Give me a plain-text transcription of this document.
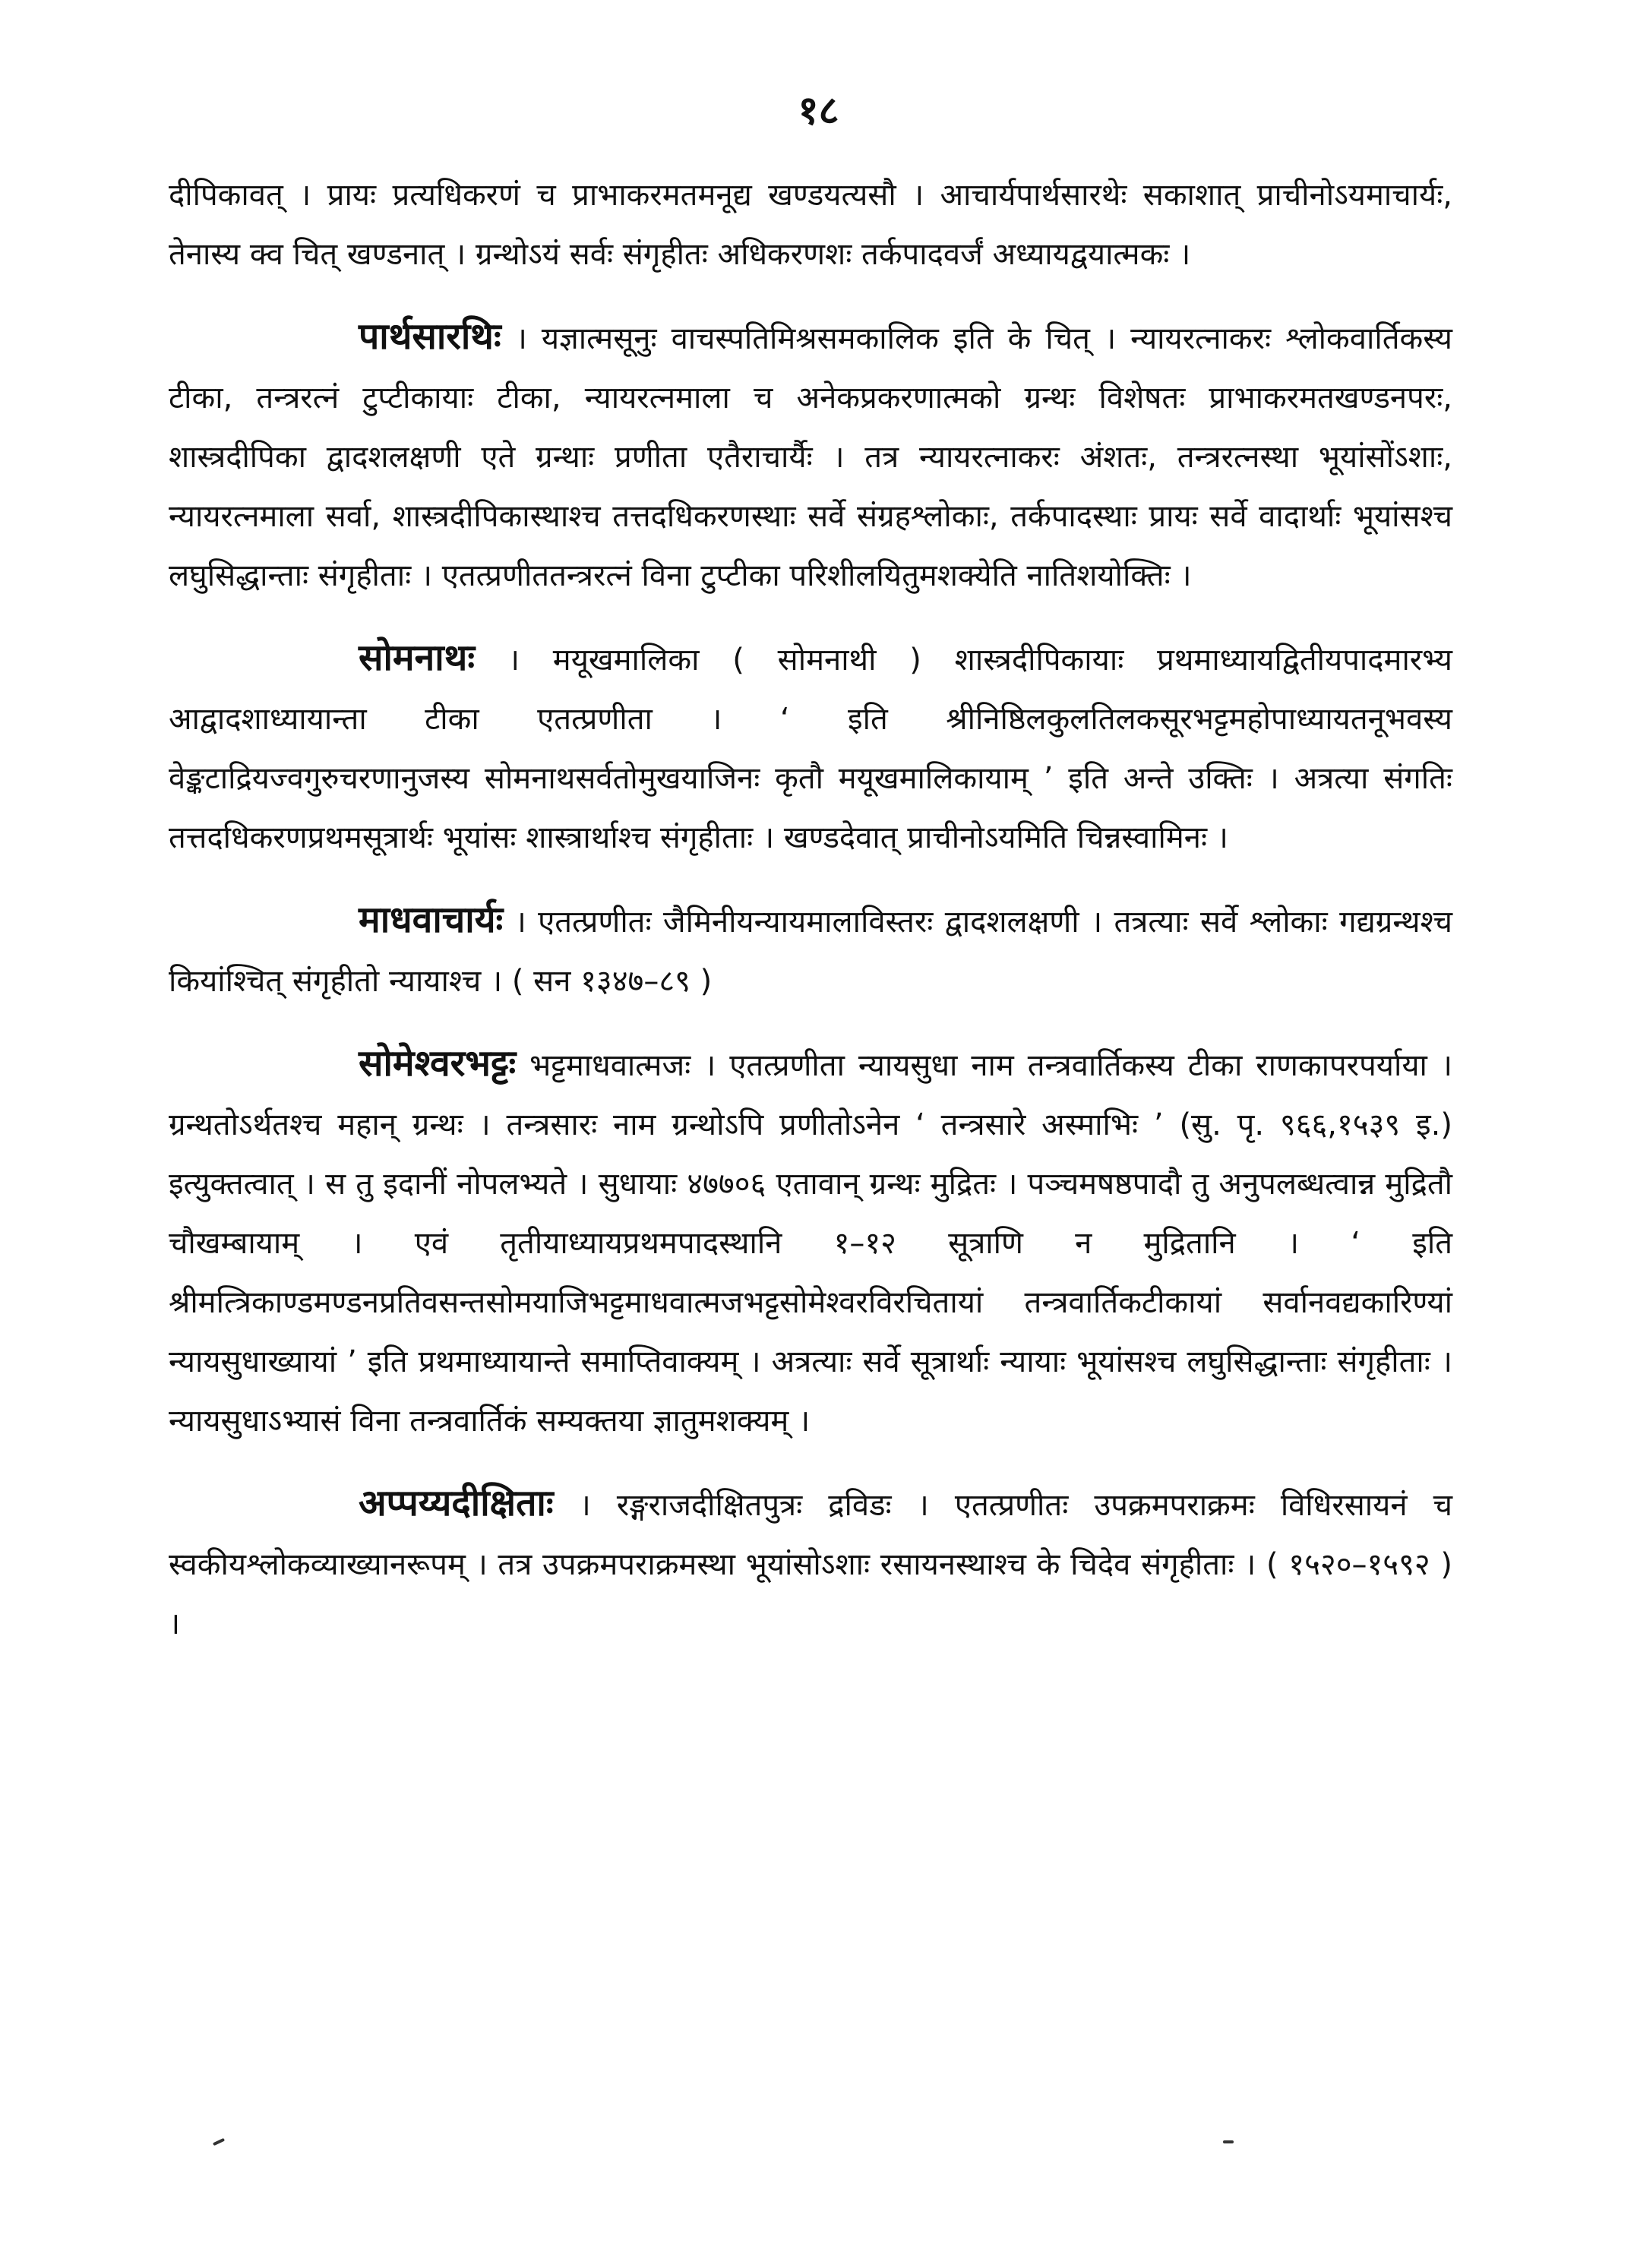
१८

दीपिकावत् । प्रायः प्रत्यधिकरणं च प्राभाकरमतमनूद्य खण्डयत्यसौ । आचार्यपार्थसारथेः सकाशात् प्राचीनोऽयमाचार्यः, तेनास्य क्व चित् खण्डनात् । ग्रन्थोऽयं सर्वः संगृहीतः अधिकरणशः तर्कपादवर्जं अध्यायद्वयात्मकः ।

पार्थसारथिः । यज्ञात्मसूनुः वाचस्पतिमिश्रसमकालिक इति के चित् । न्यायरत्नाकरः श्लोकवार्तिकस्य टीका, तन्त्ररत्नं टुप्टीकायाः टीका, न्यायरत्नमाला च अनेकप्रकरणात्मको ग्रन्थः विशेषतः प्राभाकरमतखण्डनपरः, शास्त्रदीपिका द्वादशलक्षणी एते ग्रन्थाः प्रणीता एतैराचार्यैः । तत्र न्यायरत्नाकरः अंशतः, तन्त्ररत्नस्था भूयांसोंऽशाः, न्यायरत्नमाला सर्वा, शास्त्रदीपिकास्थाश्च तत्तदधिकरणस्थाः सर्वे संग्रहश्लोकाः, तर्कपादस्थाः प्रायः सर्वे वादार्थाः भूयांसश्च लघुसिद्धान्ताः संगृहीताः । एतत्प्रणीततन्त्ररत्नं विना टुप्टीका परिशीलयितुमशक्येति नातिशयोक्तिः ।

सोमनाथः । मयूखमालिका ( सोमनाथी ) शास्त्रदीपिकायाः प्रथमाध्यायद्वितीयपादमारभ्य आद्वादशाध्यायान्ता टीका एतत्प्रणीता । ‘ इति श्रीनिष्ठिलकुलतिलकसूरभट्टमहोपाध्यायतनूभवस्य वेङ्कटाद्रियज्वगुरुचरणानुजस्य सोमनाथसर्वतोमुखयाजिनः कृतौ मयूखमालिकायाम् ’ इति अन्ते उक्तिः । अत्रत्या संगतिः तत्तदधिकरणप्रथमसूत्रार्थः भूयांसः शास्त्रार्थाश्च संगृहीताः । खण्डदेवात् प्राचीनोऽयमिति चिन्नस्वामिनः ।

माधवाचार्यः । एतत्प्रणीतः जैमिनीयन्यायमालाविस्तरः द्वादशलक्षणी । तत्रत्याः सर्वे श्लोकाः गद्यग्रन्थश्च कियांश्चित् संगृहीतो न्यायाश्च । ( सन १३४७–८९ )

सोमेश्वरभट्टः भट्टमाधवात्मजः । एतत्प्रणीता न्यायसुधा नाम तन्त्रवार्तिकस्य टीका राणकापरपर्याया । ग्रन्थतोऽर्थतश्च महान् ग्रन्थः । तन्त्रसारः नाम ग्रन्थोऽपि प्रणीतोऽनेन ‘ तन्त्रसारे अस्माभिः ’ (सु. पृ. ९६६,१५३९ इ.) इत्युक्तत्वात् । स तु इदानीं नोपलभ्यते । सुधायाः ४७७०६ एतावान् ग्रन्थः मुद्रितः । पञ्चमषष्ठपादौ तु अनुपलब्धत्वान्न मुद्रितौ चौखम्बायाम् । एवं तृतीयाध्यायप्रथमपादस्थानि १–१२ सूत्राणि न मुद्रितानि । ‘ इति श्रीमत्त्रिकाण्डमण्डनप्रतिवसन्तसोमयाजिभट्टमाधवात्मजभट्टसोमेश्वरविरचितायां तन्त्रवार्तिकटीकायां सर्वानवद्यकारिण्यां न्यायसुधाख्यायां ’ इति प्रथमाध्यायान्ते समाप्तिवाक्यम् । अत्रत्याः सर्वे सूत्रार्थाः न्यायाः भूयांसश्च लघुसिद्धान्ताः संगृहीताः । न्यायसुधाऽभ्यासं विना तन्त्रवार्तिकं सम्यक्तया ज्ञातुमशक्यम् ।

अप्पय्यदीक्षिताः । रङ्गराजदीक्षितपुत्रः द्रविडः । एतत्प्रणीतः उपक्रमपराक्रमः विधिरसायनं च स्वकीयश्लोकव्याख्यानरूपम् । तत्र उपक्रमपराक्रमस्था भूयांसोऽशाः रसायनस्थाश्च के चिदेव संगृहीताः । ( १५२०–१५९२ ) ।
